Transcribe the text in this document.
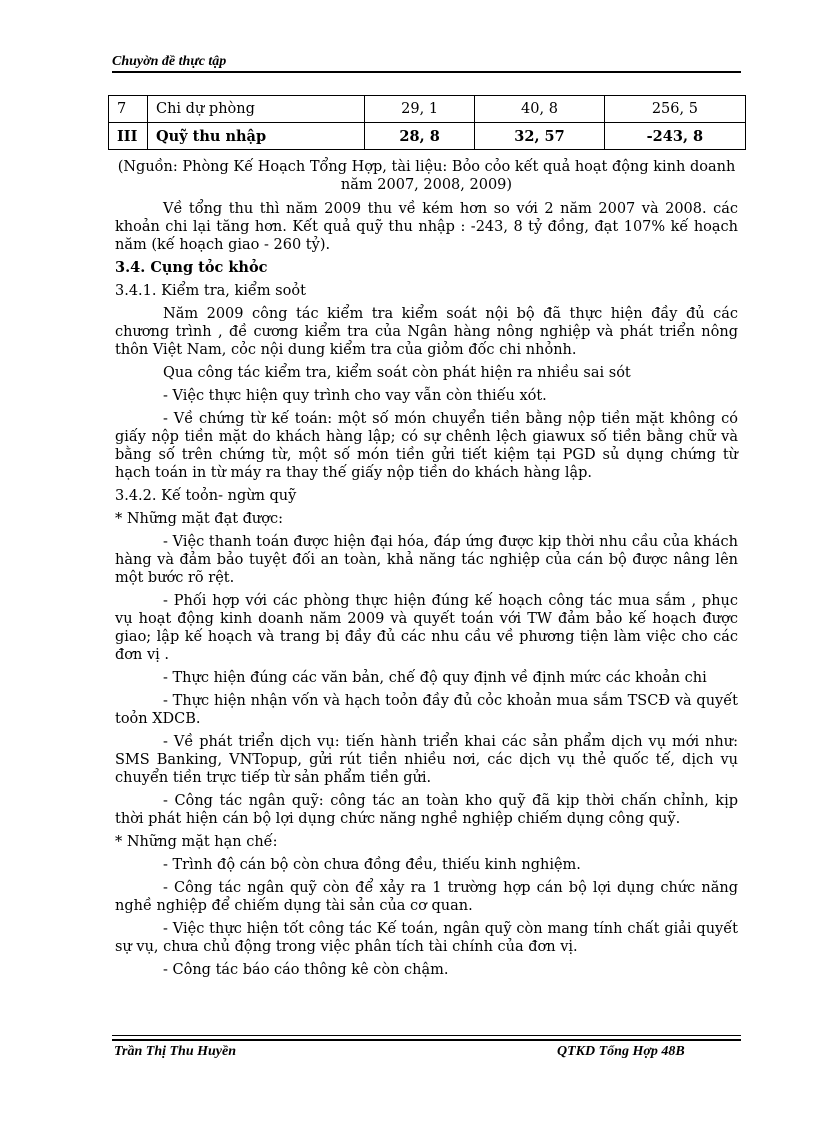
Chuyờn đề thực tập
7	Chi dự phòng	29, 1	40, 8	256, 5
III	Quỹ thu nhập	28, 8	32, 57	-243, 8

(Nguồn: Phòng Kế Hoạch Tổng Hợp, tài liệu: Bỏo cỏo kết quả hoạt động kinh doanh năm 2007, 2008, 2009)

Về tổng thu thì năm 2009 thu về kém hơn so với 2 năm 2007 và 2008. các khoản chi lại tăng hơn. Kết quả quỹ thu nhập : -243, 8 tỷ đồng, đạt 107% kế hoạch năm (kế hoạch giao - 260 tỷ).

3.4. Cụng tỏc khỏc

3.4.1. Kiểm tra, kiểm soỏt

Năm 2009 công tác kiểm tra kiểm soát nội bộ đã thực hiện đầy đủ các chương trình , đề cương kiểm tra của Ngân hàng nông nghiệp và phát triển nông thôn Việt Nam, cỏc nội dung kiểm tra của giỏm đốc chi nhỏnh.

Qua công tác kiểm tra, kiểm soát còn phát hiện ra nhiều sai sót

- Việc thực hiện quy trình cho vay vẫn còn thiếu xót.

- Về chứng từ kế toán: một số món chuyển tiền bằng nộp tiền mặt không có giấy nộp tiền mặt do khách hàng lập; có sự chênh lệch giawux số tiền bằng chữ và bằng số trên chứng từ, một số món tiền gửi tiết kiệm tại PGD sủ dụng chứng từ hạch toán in từ máy ra thay thế giấy nộp tiền do khách hàng lập.

3.4.2. Kế toỏn- ngừn quỹ

* Những mặt đạt được:

- Việc thanh toán được hiện đại hóa, đáp ứng được kịp thời nhu cầu của khách hàng và đảm bảo tuyệt đối an toàn, khả năng tác nghiệp của cán bộ được nâng lên một bước rõ rệt.

- Phối hợp với các phòng thực hiện đúng kế hoạch công tác mua sắm , phục vụ hoạt động kinh doanh năm 2009 và quyết toán với TW đảm bảo kế hoạch được giao; lập kế hoạch và trang bị đầy đủ các nhu cầu về phương tiện làm việc cho các đơn vị .

- Thực hiện đúng các văn bản, chế độ quy định về định mức các khoản chi

- Thực hiện nhận vốn và hạch toỏn đầy đủ cỏc khoản mua sắm TSCĐ và quyết toỏn XDCB.

- Về phát triển dịch vụ: tiến hành triển khai các sản phẩm dịch vụ mới như: SMS Banking, VNTopup, gửi rút tiền nhiều nơi, các dịch vụ thẻ quốc tế, dịch vụ chuyển tiền trực tiếp từ sản phẩm tiền gửi.

- Công tác ngân quỹ: công tác an toàn kho quỹ đã kịp thời chấn chỉnh, kịp thời phát hiện cán bộ lợi dụng chức năng nghề nghiệp chiếm dụng công quỹ.

* Những mặt hạn chế:

- Trình độ cán bộ còn chưa đồng đều, thiếu kinh nghiệm.

- Công tác ngân quỹ còn để xảy ra 1 trường hợp cán bộ lợi dụng chức năng nghề nghiệp để chiếm dụng tài sản của cơ quan.

- Việc thực hiện tốt công tác Kế toán, ngân quỹ còn mang tính chất giải quyết sự vụ, chưa chủ động trong việc phân tích tài chính của đơn vị.

- Công tác báo cáo thông kê còn chậm.

Trần Thị Thu Huyền	QTKD Tổng Hợp 48B
